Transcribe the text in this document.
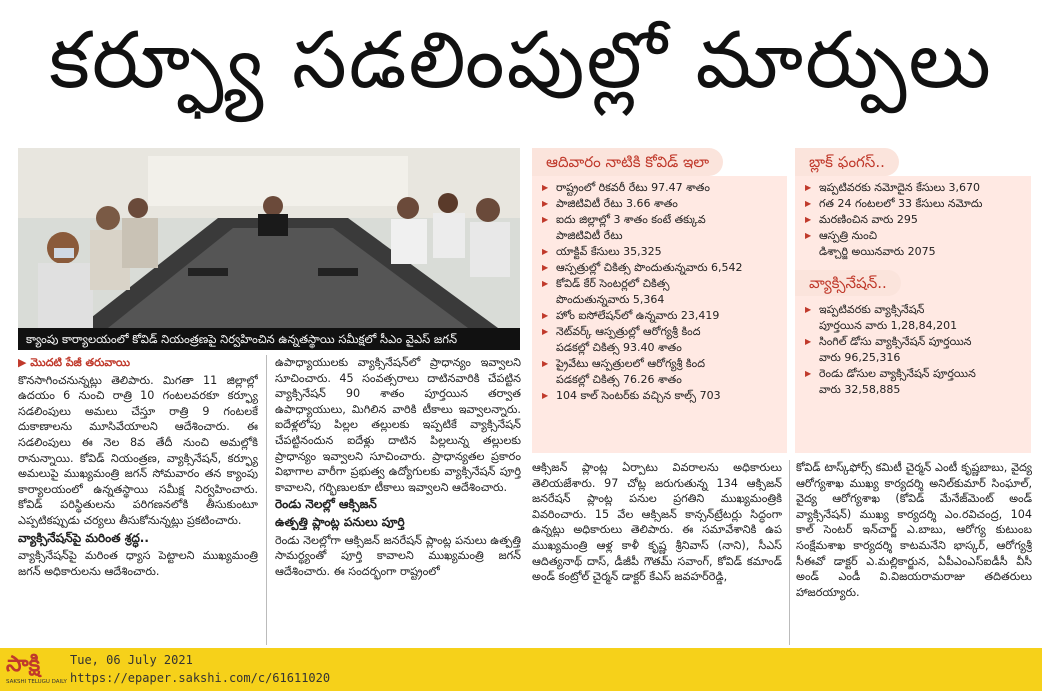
కర్ఫ్యూ సడలింపుల్లో మార్పులు
క్యాంపు కార్యాలయంలో కోవిడ్‌ నియంత్రణపై నిర్వహించిన ఉన్నతస్థాయి సమీక్షలో సీఎం వైఎస్‌ జగన్‌
ఆదివారం నాటికి కోవిడ్‌ ఇలా
▶ రాష్ట్రంలో రికవరీ రేటు 97.47 శాతం
▶ పాజిటివిటీ రేటు 3.66 శాతం
▶ ఐదు జిల్లాల్లో 3 శాతం కంటే తక్కువ
పాజిటివిటీ రేటు
▶ యాక్టివ్‌ కేసులు 35,325
▶ ఆస్పత్రుల్లో చికిత్స పొందుతున్నవారు 6,542
▶ కోవిడ్‌ కేర్‌ సెంటర్లలో చికిత్స
పొందుతున్నవారు 5,364
▶ హోం ఐసోలేషన్‌లో ఉన్నవారు 23,419
▶ నెట్‌వర్క్‌ ఆస్పత్రుల్లో ఆరోగ్యశ్రీ కింద
పడకల్లో చికిత్స 93.40 శాతం
▶ ప్రైవేటు ఆస్పత్రులలో ఆరోగ్యశ్రీ కింద
పడకల్లో చికిత్స 76.26 శాతం
▶ 104 కాల్‌ సెంటర్‌కు వచ్చిన కాల్స్‌ 703
బ్లాక్‌ ఫంగస్‌..
▶ ఇప్పటివరకు నమోదైన కేసులు 3,670
▶ గత 24 గంటలలో 33 కేసులు నమోదు
▶ మరణించిన వారు 295
▶ ఆస్పత్రి నుంచి
డిశ్చార్జి అయినవారు 2075
వ్యాక్సినేషన్‌..
▶ ఇప్పటివరకు వ్యాక్సినేషన్‌
పూర్తయిన వారు 1,28,84,201
▶ సింగిల్‌ డోసు వ్యాక్సినేషన్‌ పూర్తయిన
వారు 96,25,316
▶ రెండు డోసుల వ్యాక్సినేషన్‌ పూర్తయిన
వారు 32,58,885

▶ మొదటి పేజీ తరువాయి

కొనసాగించనున్నట్లు తెలిపారు. మిగతా 11 జిల్లాల్లో ఉదయం 6 నుంచి రాత్రి 10 గంటలవరకూ కర్ఫ్యూ సడలింపులు అమలు చేస్తూ రాత్రి 9 గంటలకే దుకాణాలను మూసివేయాలని ఆదేశించారు. ఈ సడలింపులు ఈ నెల 8వ తేదీ నుంచి అమల్లోకి రానున్నాయి. కోవిడ్‌ నియంత్రణ, వ్యాక్సినేషన్‌, కర్ఫ్యూ అమలుపై ముఖ్యమంత్రి జగన్‌ సోమవారం తన క్యాంపు కార్యాలయంలో ఉన్నతస్థాయి సమీక్ష నిర్వహించారు. కోవిడ్‌ పరిస్థితులను పరిగణనలోకి తీసుకుంటూ ఎప్పటికప్పుడు చర్యలు తీసుకోనున్నట్లు ప్రకటించారు.

వ్యాక్సినేషన్‌పై మరింత శ్రద్ధ..

వ్యాక్సినేషన్‌పై మరింత ధ్యాస పెట్టాలని ముఖ్యమంత్రి జగన్‌ అధికారులను ఆదేశించారు.

ఉపాధ్యాయులకు వ్యాక్సినేషన్‌లో ప్రాధాన్యం ఇవ్వాలని సూచించారు. 45 సంవత్సరాలు దాటినవారికి చేపట్టిన వ్యాక్సినేషన్‌ 90 శాతం పూర్తయిన తర్వాత ఉపాధ్యాయులు, మిగిలిన వారికి టీకాలు ఇవ్వాలన్నారు. ఐదేళ్లలోపు పిల్లల తల్లులకు ఇప్పటికే వ్యాక్సినేషన్‌ చేపట్టినందున ఐదేళ్లు దాటిన పిల్లలున్న తల్లులకు ప్రాధాన్యం ఇవ్వాలని సూచించారు. ప్రాధాన్యతల ప్రకారం విభాగాల వారీగా ప్రభుత్వ ఉద్యోగులకు వ్యాక్సినేషన్‌ పూర్తి కావాలని, గర్భిణులకూ టీకాలు ఇవ్వాలని ఆదేశించారు.

రెండు నెలల్లో ఆక్సిజన్‌

ఉత్పత్తి ప్లాంట్ల పనులు పూర్తి

రెండు నెలల్లోగా ఆక్సిజన్‌ జనరేషన్‌ ప్లాంట్ల పనులు ఉత్పత్తి సామర్థ్యంతో పూర్తి కావాలని ముఖ్యమంత్రి జగన్‌ ఆదేశించారు. ఈ సందర్భంగా రాష్ట్రంలో

ఆక్సిజన్‌ ప్లాంట్ల ఏర్పాటు వివరాలను అధికారులు తెలియజేశారు. 97 చోట్ల జరుగుతున్న 134 ఆక్సిజన్‌ జనరేషన్‌ ప్లాంట్ల పనుల ప్రగతిని ముఖ్యమంత్రికి వివరించారు. 15 వేల ఆక్సిజన్‌ కాన్సన్‌ట్రేటర్లు సిద్ధంగా ఉన్నట్లు అధికారులు తెలిపారు. ఈ సమావేశానికి ఉప ముఖ్యమంత్రి ఆళ్ల కాళీ కృష్ణ శ్రీనివాస్‌ (నాని), సీఎస్‌ ఆదిత్యనాథ్‌ దాస్‌, డీజీపీ గౌతమ్‌ సవాంగ్‌, కోవిడ్‌ కమాండ్‌ అండ్‌ కంట్రోల్‌ చైర్మన్‌ డాక్టర్‌ కేఎస్‌ జవహర్‌రెడ్డి,

కోవిడ్‌ టాస్క్‌ఫోర్స్‌ కమిటీ చైర్మన్‌ ఎంటీ కృష్ణబాబు, వైద్య ఆరోగ్యశాఖ ముఖ్య కార్యదర్శి అనిల్‌కుమార్‌ సింఘాల్‌, వైద్య ఆరోగ్యశాఖ (కోవిడ్‌ మేనేజ్‌మెంట్‌ అండ్‌ వ్యాక్సినేషన్‌) ముఖ్య కార్యదర్శి ఎం.రవిచంద్ర, 104 కాల్‌ సెంటర్‌ ఇన్‌చార్జ్‌ ఎ.బాబు, ఆరోగ్య కుటుంబ సంక్షేమశాఖ కార్యదర్శి కాటమనేని భాస్కర్‌, ఆరోగ్యశ్రీ సీఈవో డాక్టర్‌ ఎ.మల్లికార్జున, ఏపీఎంఎస్‌ఐడీసీ వీసీ అండ్‌ ఎండీ వి.విజయరామరాజు తదితరులు హాజరయ్యారు.

సాక్షి
SAKSHI TELUGU DAILY
Tue, 06 July 2021
https://epaper.sakshi.com/c/61611020
